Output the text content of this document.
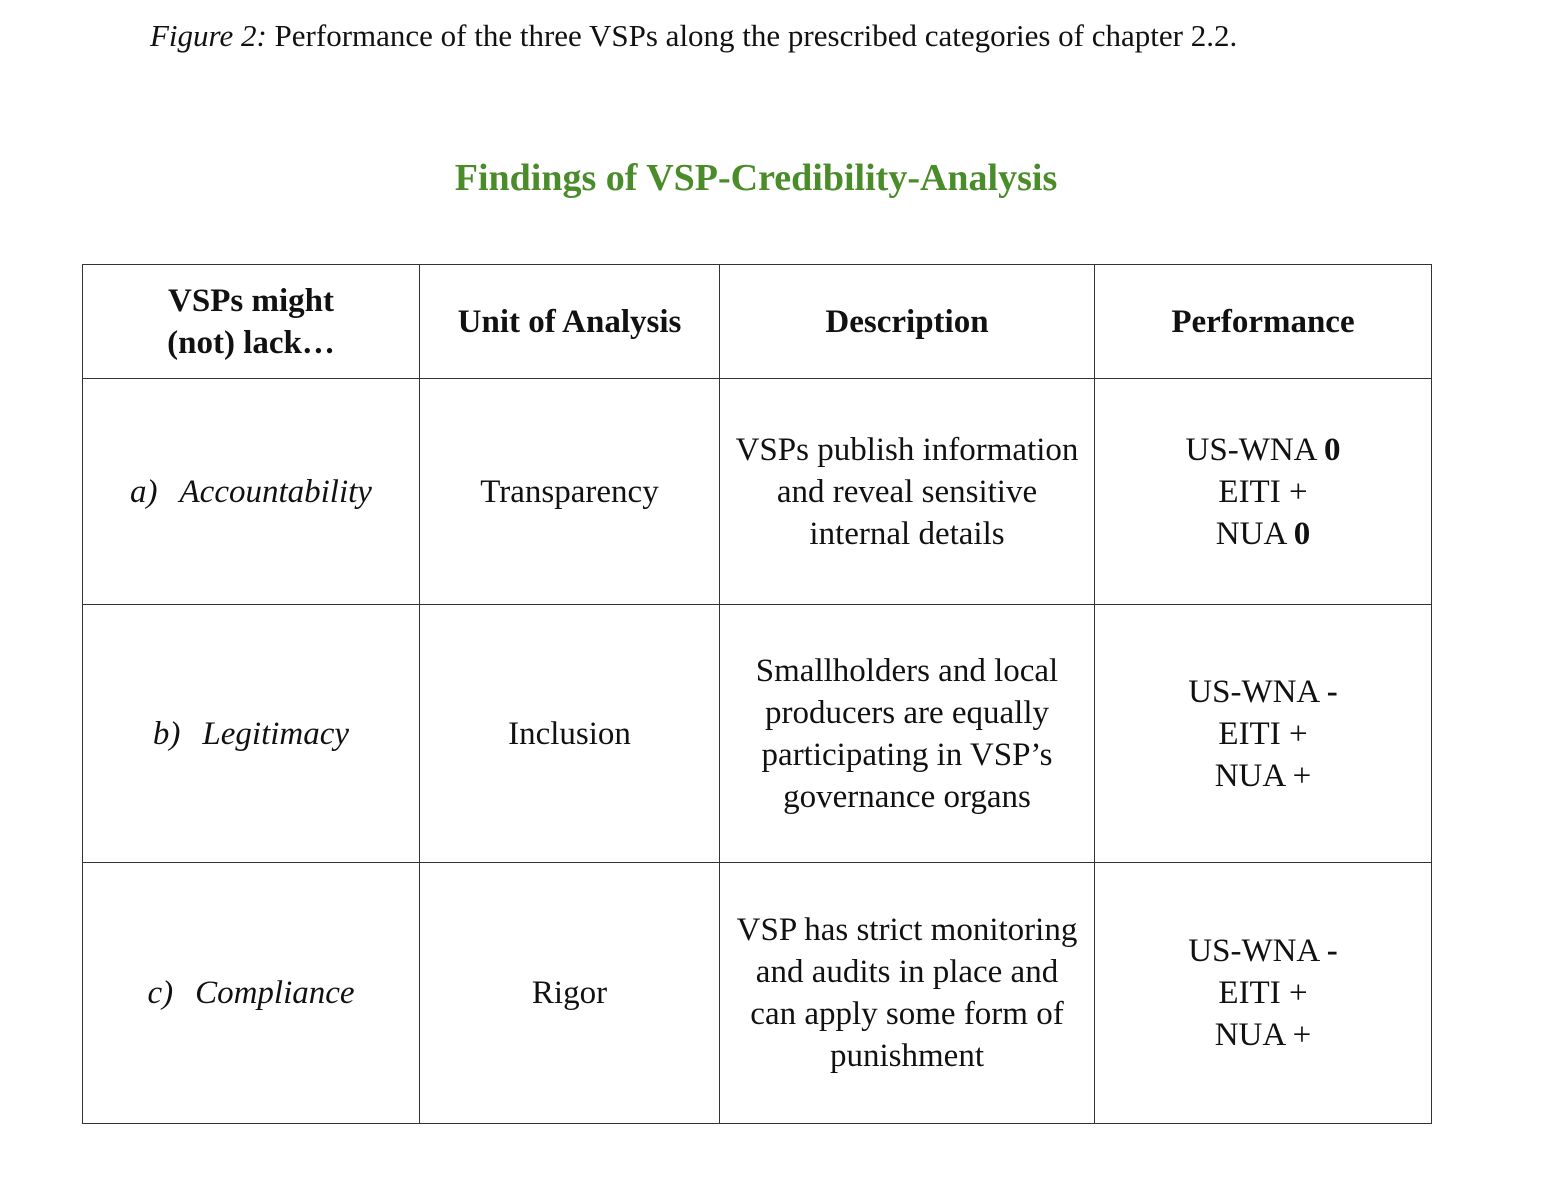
Figure 2: Performance of the three VSPs along the prescribed categories of chapter 2.2.
Findings of VSP-Credibility-Analysis
VSPs might
(not) lack…	Unit of Analysis	Description	Performance
a) Accountability	Transparency	VSPs publish information and reveal sensitive internal details	US-WNA 0
EITI +
NUA 0

b) Legitimacy	Inclusion	Smallholders and local producers are equally participating in VSP’s governance organs	US-WNA -
EITI +
NUA +

c) Compliance	Rigor	VSP has strict monitoring and audits in place and can apply some form of punishment	US-WNA -
EITI +
NUA +
